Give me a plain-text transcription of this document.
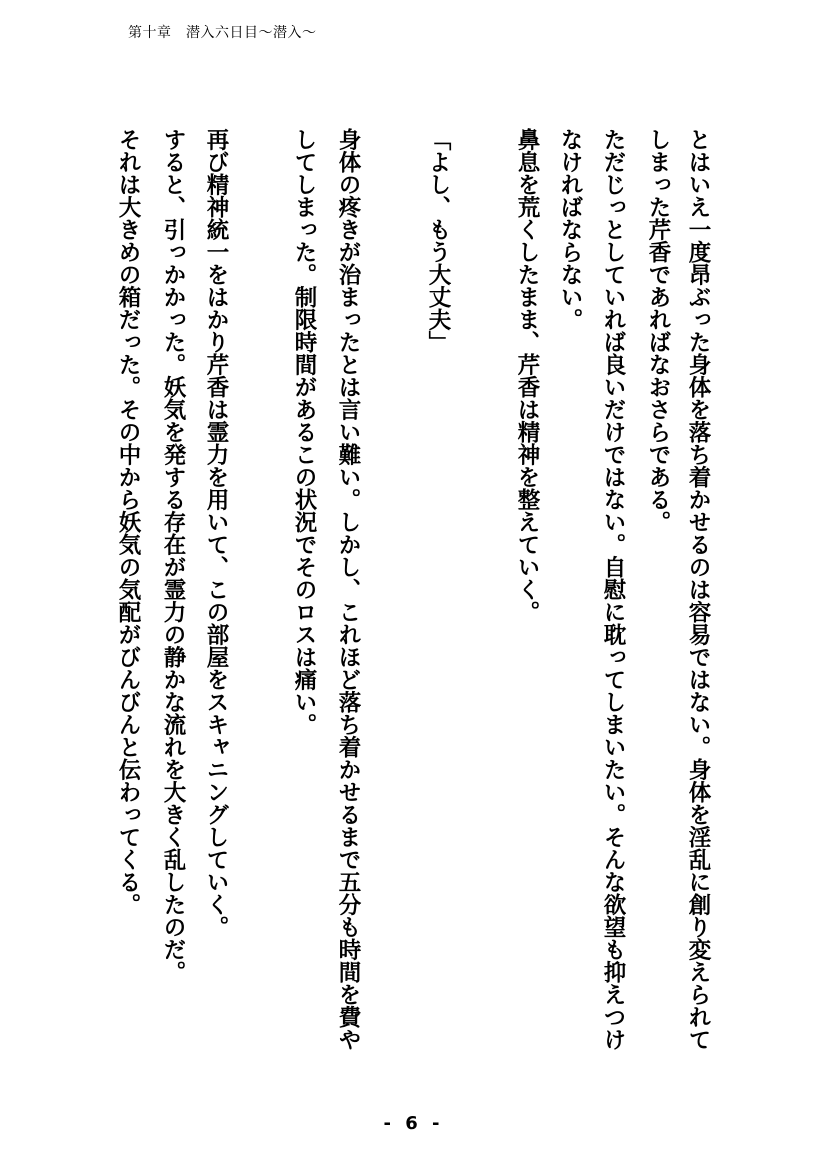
第十章　潜入六日目〜潜入〜
とはいえ一度昂ぶった身体を落ち着かせるのは容易ではない。身体を淫乱に創り変えられて
しまった芹香であればなおさらである。
ただじっとしていれば良いだけではない。自慰に耽ってしまいたい。そんな欲望も抑えつけ
なければならない。
鼻息を荒くしたまま、芹香は精神を整えていく。
「よし、もう大丈夫」
身体の疼きが治まったとは言い難い。しかし、これほど落ち着かせるまで五分も時間を費や
してしまった。制限時間があるこの状況でそのロスは痛い。
再び精神統一をはかり芹香は霊力を用いて、この部屋をスキャニングしていく。
すると、引っかかった。妖気を発する存在が霊力の静かな流れを大きく乱したのだ。
それは大きめの箱だった。その中から妖気の気配がびんびんと伝わってくる。
- 6 -
